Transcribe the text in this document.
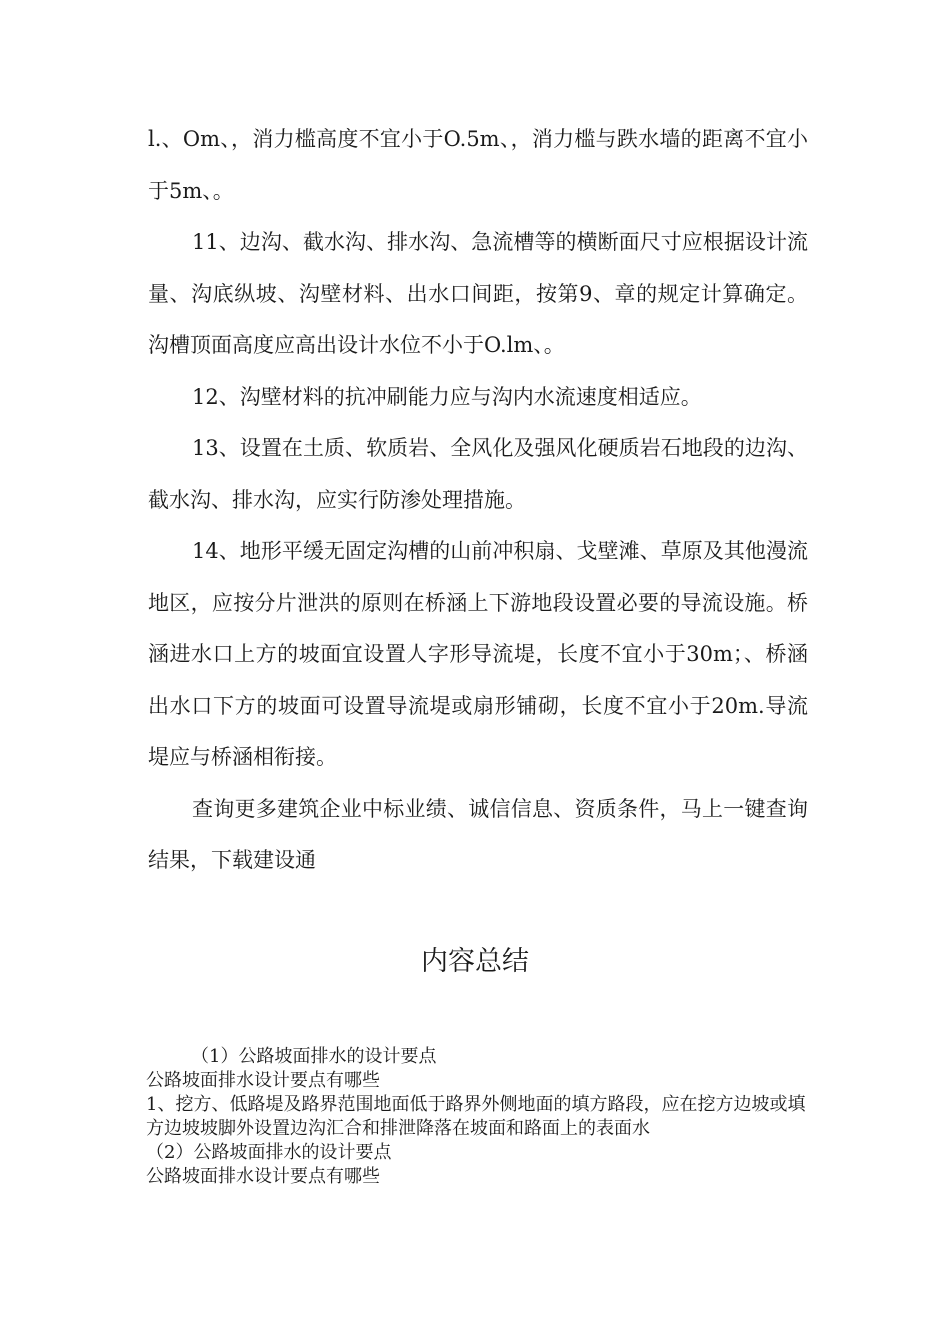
l.、Om、，消力槛高度不宜小于O.5m、，消力槛与跌水墙的距离不宜小于5m、。

11、边沟、截水沟、排水沟、急流槽等的横断面尺寸应根据设计流量、沟底纵坡、沟壁材料、出水口间距，按第9、章的规定计算确定。沟槽顶面高度应高出设计水位不小于O.lm、。

12、沟壁材料的抗冲刷能力应与沟内水流速度相适应。

13、设置在土质、软质岩、全风化及强风化硬质岩石地段的边沟、截水沟、排水沟，应实行防渗处理措施。

14、地形平缓无固定沟槽的山前冲积扇、戈壁滩、草原及其他漫流地区，应按分片泄洪的原则在桥涵上下游地段设置必要的导流设施。桥涵进水口上方的坡面宜设置人字形导流堤，长度不宜小于30m；、桥涵出水口下方的坡面可设置导流堤或扇形铺砌，长度不宜小于20m.导流堤应与桥涵相衔接。

查询更多建筑企业中标业绩、诚信信息、资质条件，马上一键查询结果，下载建设通

内容总结

（1）公路坡面排水的设计要点

公路坡面排水设计要点有哪些

1、挖方、低路堤及路界范围地面低于路界外侧地面的填方路段，应在挖方边坡或填方边坡坡脚外设置边沟汇合和排泄降落在坡面和路面上的表面水

（2）公路坡面排水的设计要点

公路坡面排水设计要点有哪些
